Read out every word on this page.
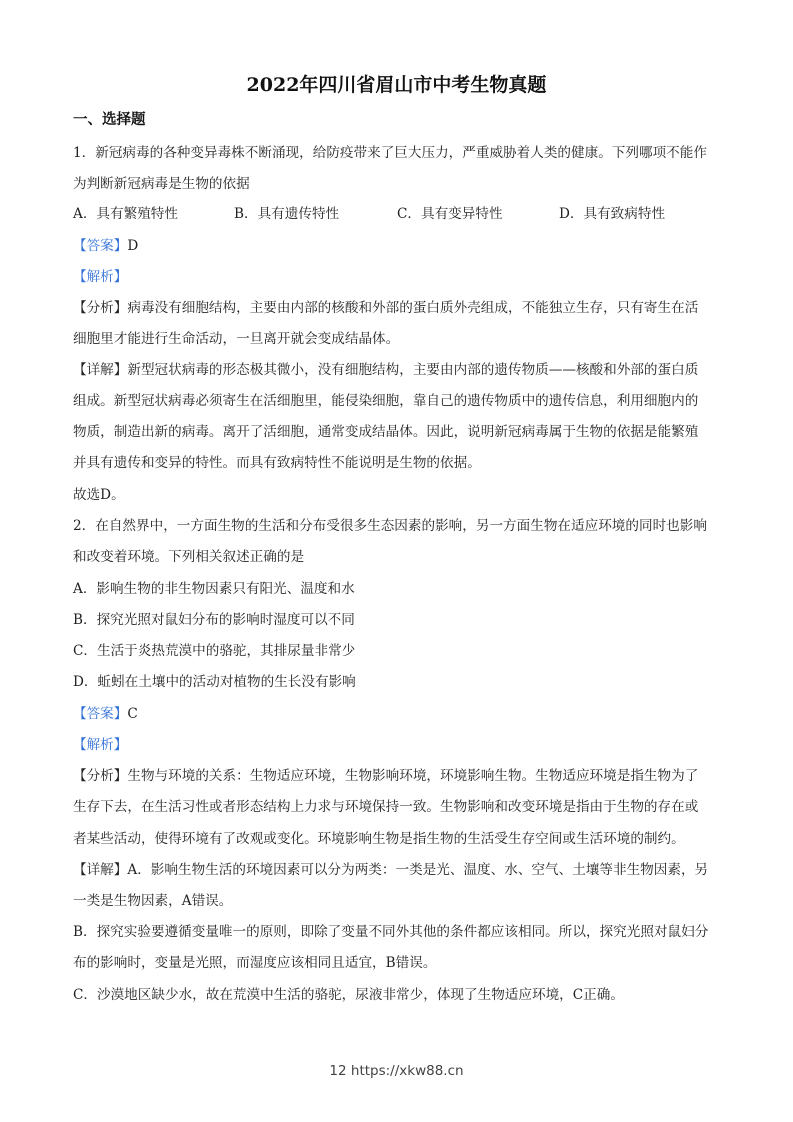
2022年四川省眉山市中考生物真题
一、选择题
1．新冠病毒的各种变异毒株不断涌现，给防疫带来了巨大压力，严重威胁着人类的健康。下列哪项不能作
为判断新冠病毒是生物的依据
A．具有繁殖特性	B．具有遗传特性	C．具有变异特性	D．具有致病特性
【答案】D
【解析】
【分析】病毒没有细胞结构，主要由内部的核酸和外部的蛋白质外壳组成，不能独立生存，只有寄生在活
细胞里才能进行生命活动，一旦离开就会变成结晶体。
【详解】新型冠状病毒的形态极其微小，没有细胞结构，主要由内部的遗传物质——核酸和外部的蛋白质
组成。新型冠状病毒必须寄生在活细胞里，能侵染细胞，靠自己的遗传物质中的遗传信息，利用细胞内的
物质，制造出新的病毒。离开了活细胞，通常变成结晶体。因此，说明新冠病毒属于生物的依据是能繁殖
并具有遗传和变异的特性。而具有致病特性不能说明是生物的依据。
故选D。
2．在自然界中，一方面生物的生活和分布受很多生态因素的影响，另一方面生物在适应环境的同时也影响
和改变着环境。下列相关叙述正确的是
A．影响生物的非生物因素只有阳光、温度和水
B．探究光照对鼠妇分布的影响时湿度可以不同
C．生活于炎热荒漠中的骆驼，其排尿量非常少
D．蚯蚓在土壤中的活动对植物的生长没有影响
【答案】C
【解析】
【分析】生物与环境的关系：生物适应环境，生物影响环境，环境影响生物。生物适应环境是指生物为了
生存下去，在生活习性或者形态结构上力求与环境保持一致。生物影响和改变环境是指由于生物的存在或
者某些活动，使得环境有了改观或变化。环境影响生物是指生物的生活受生存空间或生活环境的制约。
【详解】A．影响生物生活的环境因素可以分为两类：一类是光、温度、水、空气、土壤等非生物因素，另
一类是生物因素，A错误。
B．探究实验要遵循变量唯一的原则，即除了变量不同外其他的条件都应该相同。所以，探究光照对鼠妇分
布的影响时，变量是光照，而湿度应该相同且适宜，B错误。
C．沙漠地区缺少水，故在荒漠中生活的骆驼，尿液非常少，体现了生物适应环境，C正确。
12 https://xkw88.cn
